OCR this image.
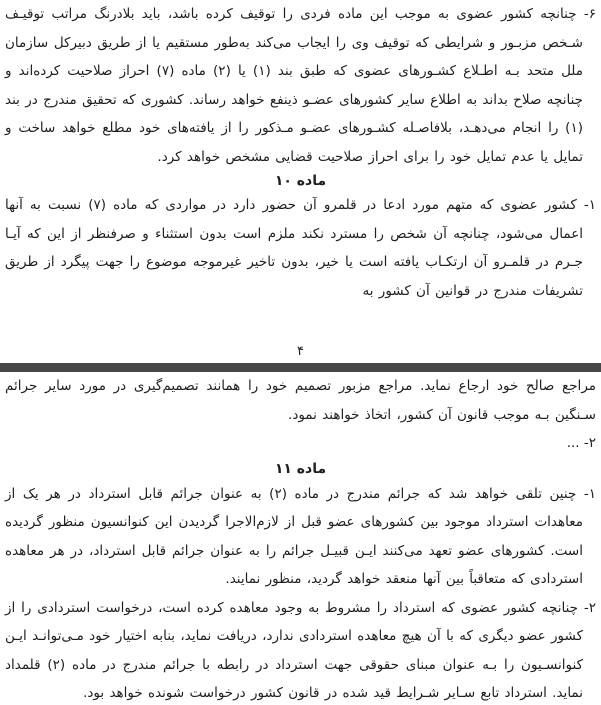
۶- چنانچه کشور عضوی به موجب این ماده فردی را توقیف کرده باشد، باید بلادرنگ مراتب توقیـف شـخص مزبـور و شرایطی که توقیف وی را ایجاب می‌کند به‌طور مستقیم یا از طریق دبیرکل سازمان ملل متحد بـه اطـلاع کشـورهای عضوی که طبق بند (۱) یا (۲) ماده (۷) احراز صلاحیت کرده‌اند و چنانچه صلاح بداند به اطلاع سایر کشورهای عضـو ذینفع خواهد رساند. کشوری که تحقیق مندرج در بند (۱) را انجام می‌دهـد، بلافاصـله کشـورهای عضـو مـذکور را از یافته‌های خود مطلع خواهد ساخت و تمایل یا عدم تمایل خود را برای احراز صلاحیت قضایی مشخص خواهد کرد.

ماده ۱۰

۱- کشور عضوی که متهم مورد ادعا در قلمرو آن حضور دارد در مواردی که ماده (۷) نسبت به آنها اعمال می‌شود، چنانچه آن شخص را مسترد نکند ملزم است بدون استثناء و صرفنظر از این که آیـا جـرم در قلمـرو آن ارتکـاب یافته است یا خیر، بدون تاخیر غیرموجه موضوع را جهت پیگرد از طریق تشریفات مندرج در قوانین آن کشور به

۴

مراجع صالح خود ارجاع نماید. مراجع مزبور تصمیم خود را همانند تصمیم‌گیری در مورد سایر جرائم سـنگین بـه موجب قانون آن کشور، اتخاذ خواهند نمود.

۲- ...

ماده ۱۱

۱- چنین تلقی خواهد شد که جرائم مندرج در ماده (۲) به عنوان جرائم قابل استرداد در هر یک از معاهدات استرداد موجود بین کشورهای عضو قبل از لازم‌الاجرا گردیدن این کنوانسیون منظور گردیده است. کشورهای عضو تعهد می‌کنند ایـن قبیـل جرائم را به عنوان جرائم قابل استرداد، در هر معاهده استردادی که متعاقباً بین آنها منعقد خواهد گردید، منظور نمایند.

۲- چنانچه کشور عضوی که استرداد را مشروط به وجود معاهده کرده است، درخواست استردادی را از کشور عضو دیگری که با آن هیچ معاهده استردادی ندارد، دریافت نماید، بنابه اختیار خود مـی‌توانـد ایـن کنوانسـیون را بـه عنوان مبنای حقوقی جهت استرداد در رابطه با جرائم مندرج در ماده (۲) قلمداد نماید. استرداد تابع سـایر شـرایط قید شده در قانون کشور درخواست شونده خواهد بود.
